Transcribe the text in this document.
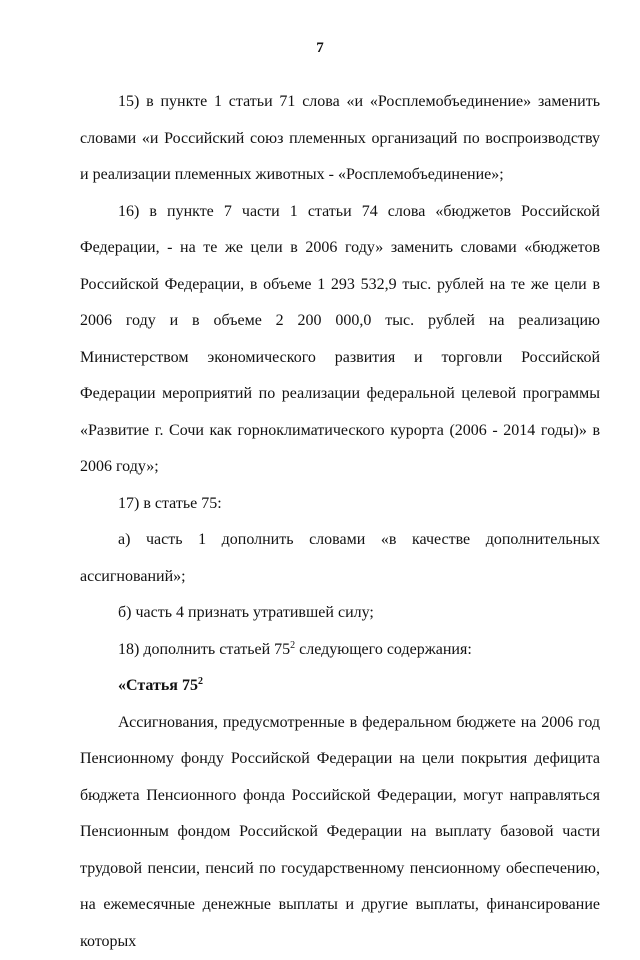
7

15) в пункте 1 статьи 71 слова «и «Росплемобъединение» заменить словами «и Российский союз племенных организаций по воспроизводству и реализации племенных животных - «Росплемобъединение»;

16) в пункте 7 части 1 статьи 74 слова «бюджетов Российской Федерации, - на те же цели в 2006 году» заменить словами «бюджетов Российской Федерации, в объеме 1 293 532,9 тыс. рублей на те же цели в 2006 году и в объеме 2 200 000,0 тыс. рублей на реализацию Министерством экономического развития и торговли Российской Федерации мероприятий по реализации федеральной целевой программы «Развитие г. Сочи как горноклиматического курорта (2006 - 2014 годы)» в 2006 году»;

17) в статье 75:

а) часть 1 дополнить словами «в качестве дополнительных ассигнований»;

б) часть 4 признать утратившей силу;

18) дополнить статьей $75^2$ следующего содержания:

«Статья $75^2$

Ассигнования, предусмотренные в федеральном бюджете на 2006 год Пенсионному фонду Российской Федерации на цели покрытия дефицита бюджета Пенсионного фонда Российской Федерации, могут направляться Пенсионным фондом Российской Федерации на выплату базовой части трудовой пенсии, пенсий по государственному пенсионному обеспечению, на ежемесячные денежные выплаты и другие выплаты, финансирование которых
